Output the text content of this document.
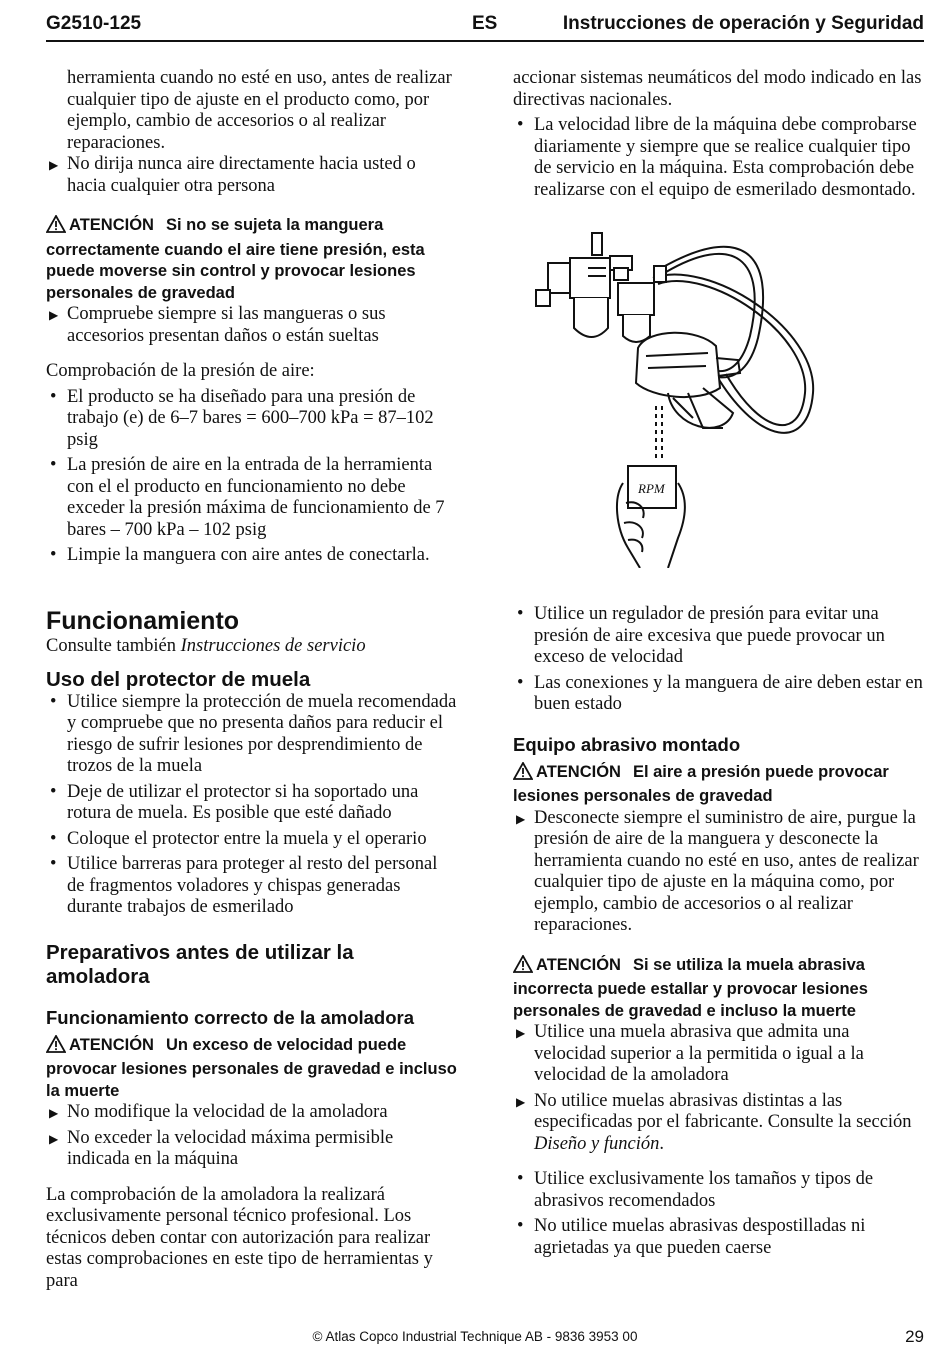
G2510-125	ES	Instrucciones de operación y Seguridad

herramienta cuando no esté en uso, antes de realizar cualquier tipo de ajuste en el producto como, por ejemplo, cambio de accesorios o al realizar reparaciones.

▶ No dirija nunca aire directamente hacia usted o hacia cualquier otra persona
ATENCIÓN Si no se sujeta la manguera correctamente cuando el aire tiene presión, esta puede moverse sin control y provocar lesiones personales de gravedad
▶ Compruebe siempre si las mangueras o sus accesorios presentan daños o están sueltas

Comprobación de la presión de aire:

• El producto se ha diseñado para una presión de trabajo (e) de 6–7 bares = 600–700 kPa = 87–102 psig
• La presión de aire en la entrada de la herramienta con el el producto en funcionamiento no debe exceder la presión máxima de funcionamiento de 7 bares – 700 kPa – 102 psig
• Limpie la manguera con aire antes de conectarla.

accionar sistemas neumáticos del modo indicado en las directivas nacionales.

• La velocidad libre de la máquina debe comprobarse diariamente y siempre que se realice cualquier tipo de servicio en la máquina. Esta comprobación debe realizarse con el equipo de esmerilado desmontado.
RPM
Funcionamiento

Consulte también Instrucciones de servicio

Uso del protector de muela
• Utilice siempre la protección de muela recomendada y compruebe que no presenta daños para reducir el riesgo de sufrir lesiones por desprendimiento de trozos de la muela
• Deje de utilizar el protector si ha soportado una rotura de muela. Es posible que esté dañado
• Coloque el protector entre la muela y el operario
• Utilice barreras para proteger al resto del personal de fragmentos voladores y chispas generadas durante trabajos de esmerilado
Preparativos antes de utilizar la amoladora
Funcionamiento correcto de la amoladora
ATENCIÓN Un exceso de velocidad puede provocar lesiones personales de gravedad e incluso la muerte
▶ No modifique la velocidad de la amoladora
▶ No exceder la velocidad máxima permisible indicada en la máquina

La comprobación de la amoladora la realizará exclusivamente personal técnico profesional. Los técnicos deben contar con autorización para realizar estas comprobaciones en este tipo de herramientas y para

• Utilice un regulador de presión para evitar una presión de aire excesiva que puede provocar un exceso de velocidad
• Las conexiones y la manguera de aire deben estar en buen estado
Equipo abrasivo montado
ATENCIÓN El aire a presión puede provocar lesiones personales de gravedad
▶ Desconecte siempre el suministro de aire, purgue la presión de aire de la manguera y desconecte la herramienta cuando no esté en uso, antes de realizar cualquier tipo de ajuste en la máquina como, por ejemplo, cambio de accesorios o al realizar reparaciones.
ATENCIÓN Si se utiliza la muela abrasiva incorrecta puede estallar y provocar lesiones personales de gravedad e incluso la muerte
▶ Utilice una muela abrasiva que admita una velocidad superior a la permitida o igual a la velocidad de la amoladora
▶ No utilice muelas abrasivas distintas a las especificadas por el fabricante. Consulte la sección Diseño y función.
• Utilice exclusivamente los tamaños y tipos de abrasivos recomendados
• No utilice muelas abrasivas despostilladas ni agrietadas ya que pueden caerse
© Atlas Copco Industrial Technique AB - 9836 3953 00	29
